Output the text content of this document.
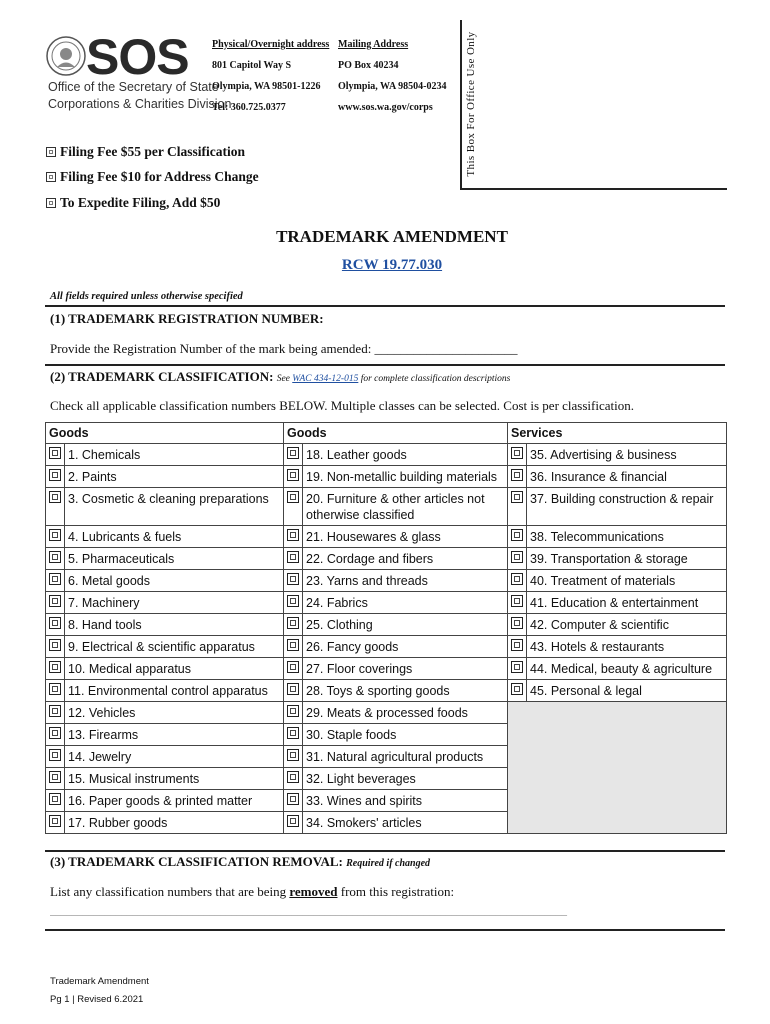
SOS
Office of the Secretary of State
Corporations & Charities Division
Physical/Overnight address
801 Capitol Way S
Olympia, WA 98501-1226
Tel: 360.725.0377
Mailing Address
PO Box 40234
Olympia, WA 98504-0234
www.sos.wa.gov/corps	This Box For Office Use Only
Filing Fee $55 per Classification
Filing Fee $10 for Address Change
To Expedite Filing, Add $50
TRADEMARK AMENDMENT
RCW 19.77.030
All fields required unless otherwise specified
(1) TRADEMARK REGISTRATION NUMBER:
Provide the Registration Number of the mark being amended: ______________________
(2) TRADEMARK CLASSIFICATION: See WAC 434-12-015 for complete classification descriptions
Check all applicable classification numbers BELOW. Multiple classes can be selected. Cost is per classification.
Goods		Goods		Services	
	1. Chemicals		18. Leather goods		35. Advertising & business
	2. Paints		19. Non-metallic building materials		36. Insurance & financial
	3. Cosmetic & cleaning preparations		20. Furniture & other articles not otherwise classified		37. Building construction & repair
	4. Lubricants & fuels		21. Housewares & glass		38. Telecommunications
	5. Pharmaceuticals		22. Cordage and fibers		39. Transportation & storage
	6. Metal goods		23. Yarns and threads		40. Treatment of materials
	7. Machinery		24. Fabrics		41. Education & entertainment
	8. Hand tools		25. Clothing		42. Computer & scientific
	9. Electrical & scientific apparatus		26. Fancy goods		43. Hotels & restaurants
	10. Medical apparatus		27. Floor coverings		44. Medical, beauty & agriculture
	11. Environmental control apparatus		28. Toys & sporting goods		45. Personal & legal
	12. Vehicles		29. Meats & processed foods		
	13. Firearms		30. Staple foods		
	14. Jewelry		31. Natural agricultural products		
	15. Musical instruments		32. Light beverages		
	16. Paper goods & printed matter		33. Wines and spirits		
	17. Rubber goods		34. Smokers' articles		
(3) TRADEMARK CLASSIFICATION REMOVAL: Required if changed
List any classification numbers that are being removed from this registration:
______________________________________________________________________________________________
Trademark Amendment
Pg 1 | Revised 6.2021
